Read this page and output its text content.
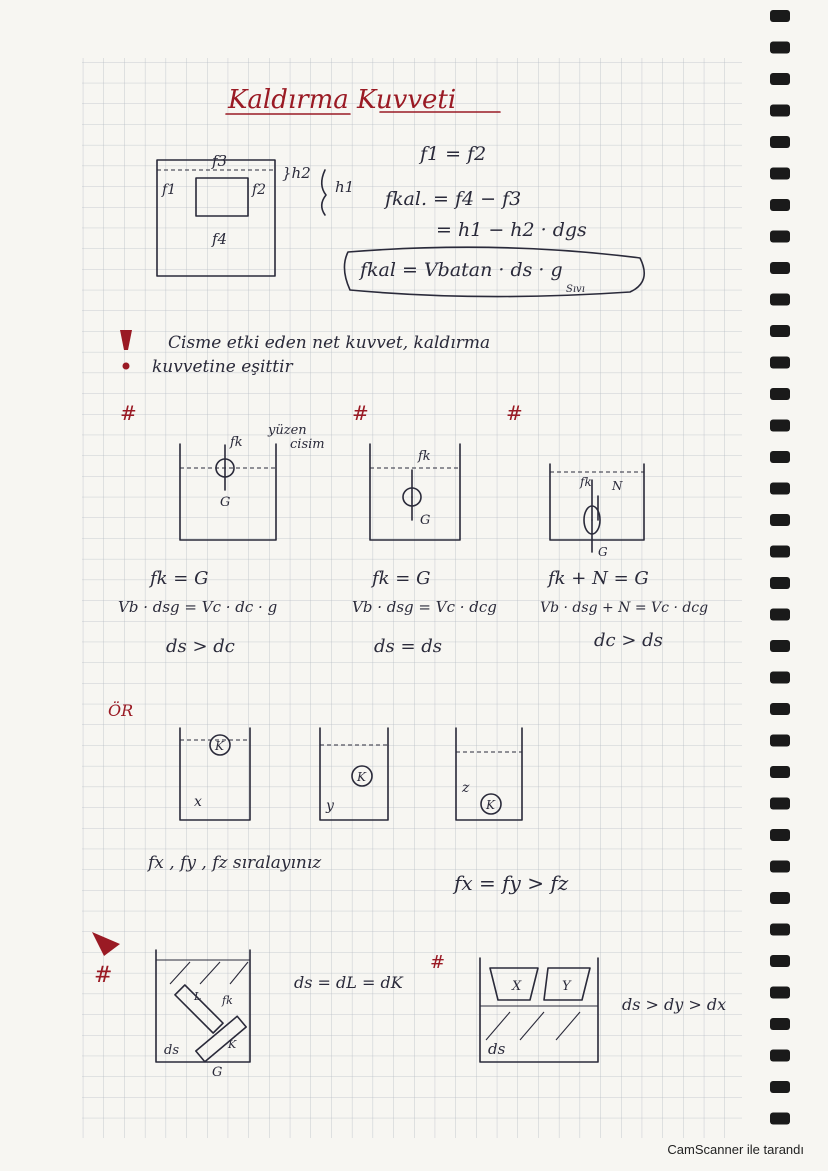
Kaldırma Kuvveti
f3
f1	f2
f4
}h2
h1
f1 = f2
fkal. = f4 − f3
= h1 − h2 · dgs
fkal = Vbatan · ds · g
Sıvı
Cisme etki eden net kuvvet, kaldırma
kuvvetine eşittir
#	#	#
yüzen
cisim
fk
G
fk
G
fk N
G
fk = G
Vb · dsg = Vc · dc · g
ds > dc
fk = G
Vb · dsg = Vc · dcg
ds = ds
fk + N = G
Vb · dsg + N = Vc · dcg
dc > ds
ÖR
K
x
K
y	K
z
fx , fy , fz sıralayınız
fx = fy > fz
#
ds
L
K
fk
G
ds = dL = dK
#
X	Y
ds
ds > dy > dx
CamScanner ile tarandı
